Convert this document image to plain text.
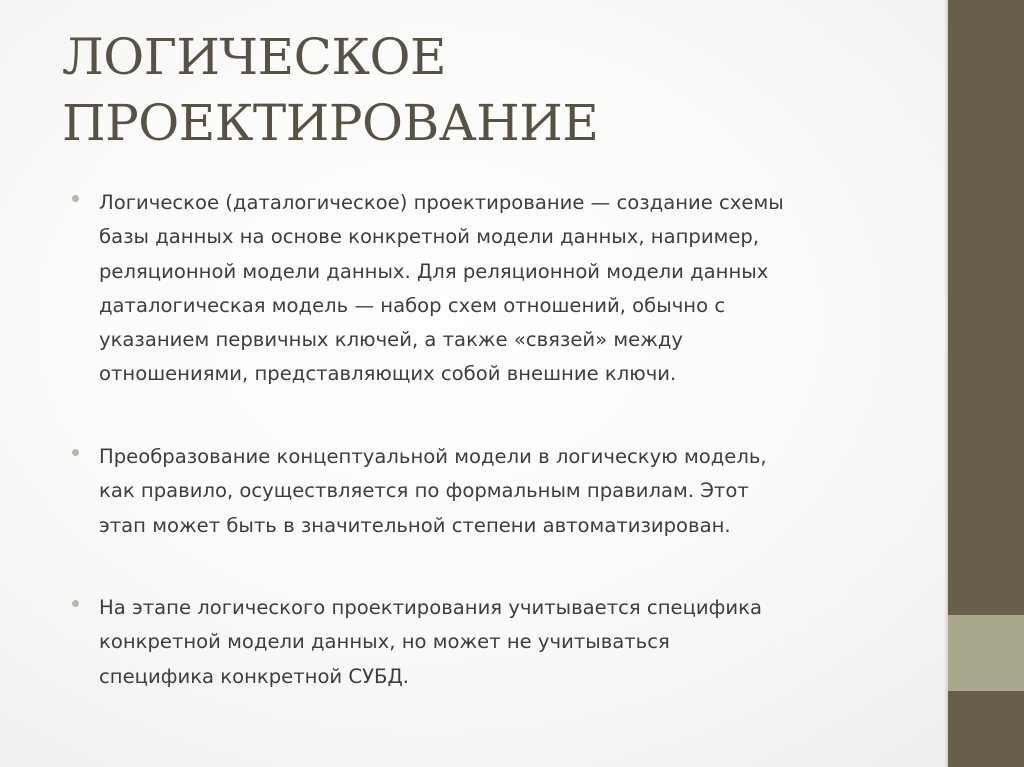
ЛОГИЧЕСКОЕ
ПРОЕКТИРОВАНИЕ
Логическое (даталогическое) проектирование — создание схемы
базы данных на основе конкретной модели данных, например,
реляционной модели данных. Для реляционной модели данных
даталогическая модель — набор схем отношений, обычно с
указанием первичных ключей, а также «связей» между
отношениями, представляющих собой внешние ключи.
Преобразование концептуальной модели в логическую модель,
как правило, осуществляется по формальным правилам. Этот
этап может быть в значительной степени автоматизирован.
На этапе логического проектирования учитывается специфика
конкретной модели данных, но может не учитываться
специфика конкретной СУБД.
